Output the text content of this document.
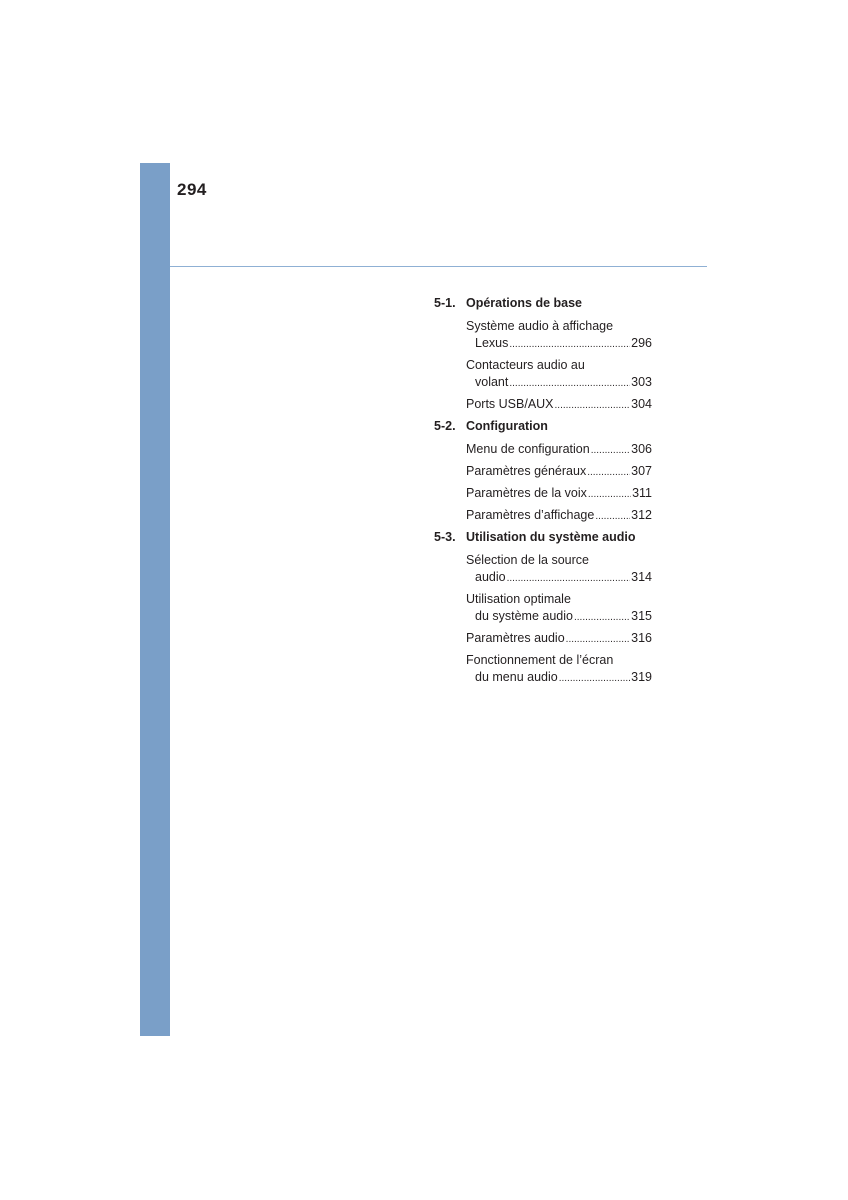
294
5-1. Opérations de base
Système audio à affichage
Lexus .....	296
Contacteurs audio au
volant .....	303
Ports USB/AUX .....	304
5-2. Configuration
Menu de configuration .....	306
Paramètres généraux .....	307
Paramètres de la voix .....	311
Paramètres d’affichage .....	312
5-3. Utilisation du système audio
Sélection de la source
audio .....	314
Utilisation optimale
du système audio .....	315
Paramètres audio .....	316
Fonctionnement de l’écran
du menu audio .....	319
